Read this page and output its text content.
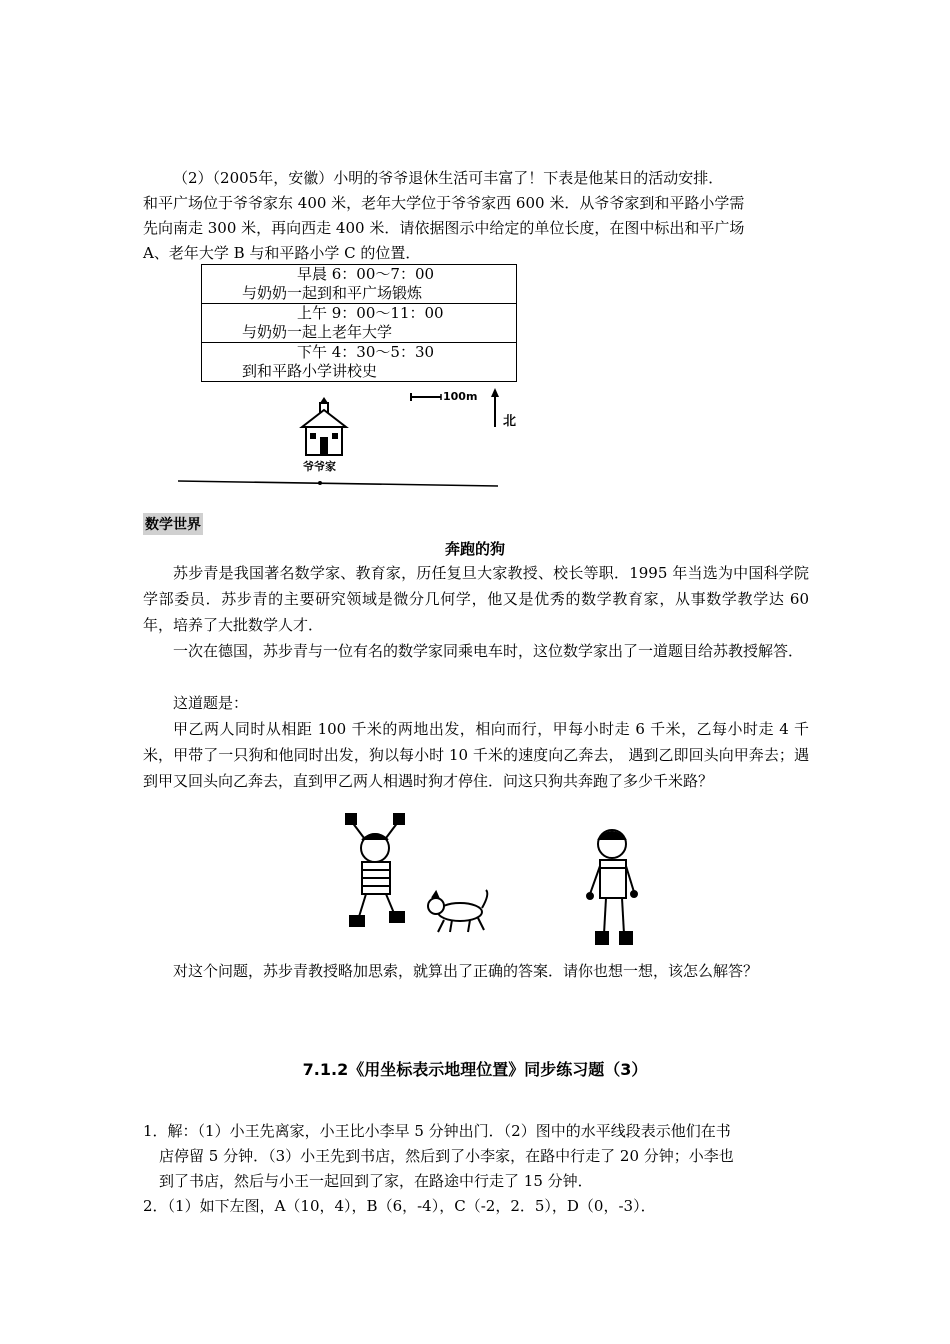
（2）（2005年，安徽）小明的爷爷退休生活可丰富了！下表是他某日的活动安排．
和平广场位于爷爷家东 400 米，老年大学位于爷爷家西 600 米．从爷爷家到和平路小学需
先向南走 300 米，再向西走 400 米．请依据图示中给定的单位长度，在图中标出和平广场
A、老年大学 B 与和平路小学 C 的位置．
早晨 6：00～7：00
与奶奶一起到和平广场锻炼

上午 9：00～11：00
与奶奶一起上老年大学

下午 4：30～5：30
到和平路小学讲校史
100m
北
爷爷家
数学世界
奔跑的狗
苏步青是我国著名数学家、教育家，历任复旦大家教授、校长等职．1995 年当选为中国科学院学部委员．苏步青的主要研究领域是微分几何学，他又是优秀的数学教育家，从事数学教学达 60 年，培养了大批数学人才．
一次在德国，苏步青与一位有名的数学家同乘电车时，这位数学家出了一道题目给苏教授解答．
这道题是：
甲乙两人同时从相距 100 千米的两地出发，相向而行，甲每小时走 6 千米，乙每小时走 4 千米，甲带了一只狗和他同时出发，狗以每小时 10 千米的速度向乙奔去， 遇到乙即回头向甲奔去；遇到甲又回头向乙奔去，直到甲乙两人相遇时狗才停住．问这只狗共奔跑了多少千米路？
对这个问题，苏步青教授略加思索，就算出了正确的答案．请你也想一想，该怎么解答？
7.1.2《用坐标表示地理位置》同步练习题（3）
1．解：（1）小王先离家，小王比小李早 5 分钟出门．（2）图中的水平线段表示他们在书
店停留 5 分钟．（3）小王先到书店，然后到了小李家，在路中行走了 20 分钟；小李也
到了书店，然后与小王一起回到了家，在路途中行走了 15 分钟．
2．（1）如下左图，A（10，4），B（6，-4），C（-2，2．5），D（0，-3）．
